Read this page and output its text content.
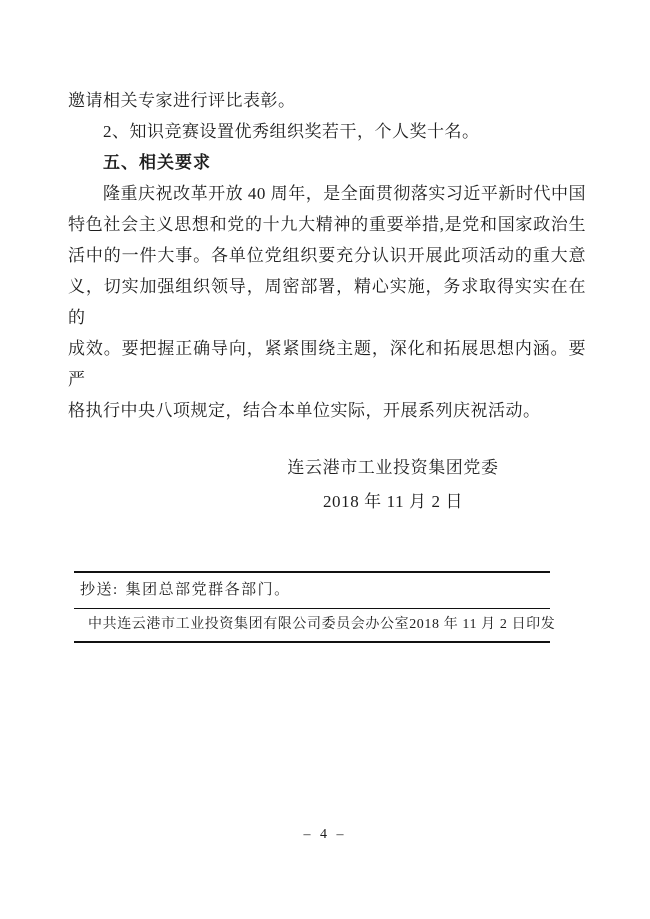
邀请相关专家进行评比表彰。
2、知识竞赛设置优秀组织奖若干，个人奖十名。
五、相关要求
隆重庆祝改革开放 40 周年，是全面贯彻落实习近平新时代中国
特色社会主义思想和党的十九大精神的重要举措,是党和国家政治生
活中的一件大事。各单位党组织要充分认识开展此项活动的重大意
义，切实加强组织领导，周密部署，精心实施，务求取得实实在在的
成效。要把握正确导向，紧紧围绕主题，深化和拓展思想内涵。要严
格执行中央八项规定，结合本单位实际，开展系列庆祝活动。
连云港市工业投资集团党委
2018 年 11 月 2 日
抄送: 集团总部党群各部门。
中共连云港市工业投资集团有限公司委员会办公室 2018 年 11 月 2 日印发
– 4 –
